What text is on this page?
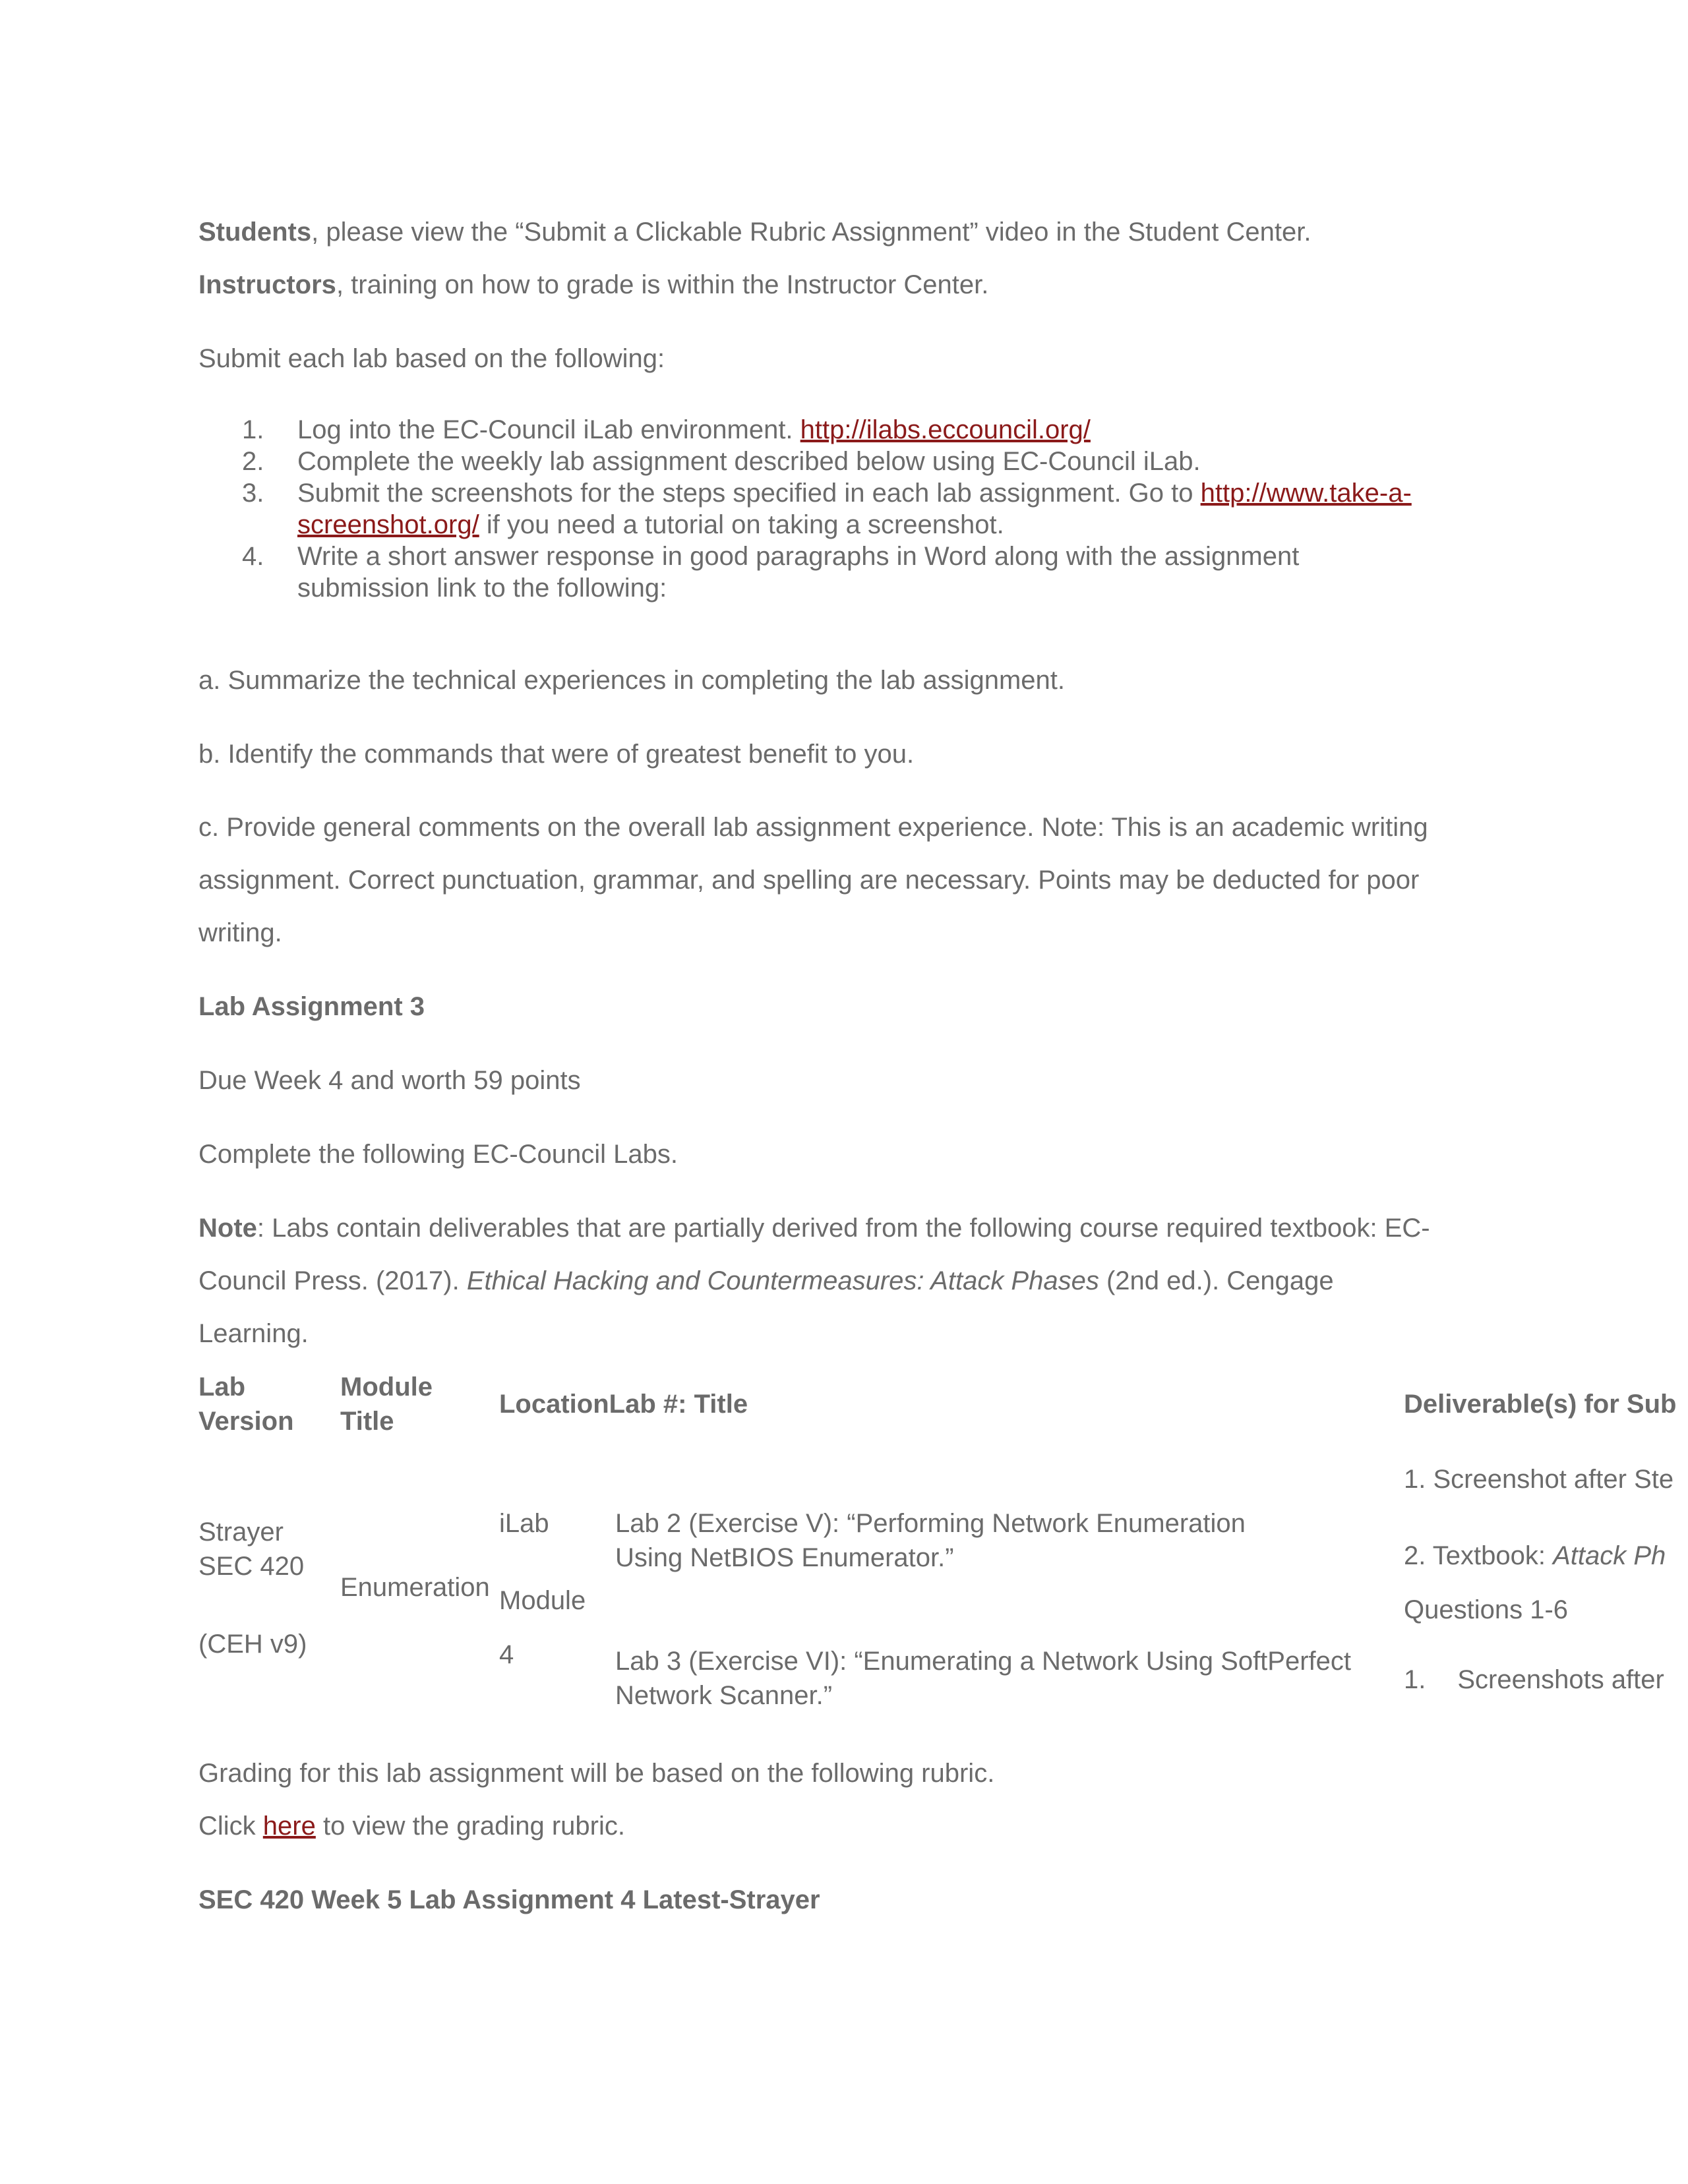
Students, please view the “Submit a Clickable Rubric Assignment” video in the Student Center.
Instructors, training on how to grade is within the Instructor Center.
Submit each lab based on the following:
1. Log into the EC-Council iLab environment. http://ilabs.eccouncil.org/
2. Complete the weekly lab assignment described below using EC-Council iLab.
3. Submit the screenshots for the steps specified in each lab assignment. Go to http://www.take-a-
screenshot.org/ if you need a tutorial on taking a screenshot.
4. Write a short answer response in good paragraphs in Word along with the assignment
submission link to the following:
a. Summarize the technical experiences in completing the lab assignment.
b. Identify the commands that were of greatest benefit to you.
c. Provide general comments on the overall lab assignment experience. Note: This is an academic writing
assignment. Correct punctuation, grammar, and spelling are necessary. Points may be deducted for poor
writing.
Lab Assignment 3
Due Week 4 and worth 59 points
Complete the following EC-Council Labs.
Note: Labs contain deliverables that are partially derived from the following course required textbook: EC-
Council Press. (2017). Ethical Hacking and Countermeasures: Attack Phases (2nd ed.). Cengage
Learning.
Lab
Version
Module
Title
LocationLab #: Title	Deliverable(s) for Sub
Strayer
SEC 420
(CEH v9)
Enumeration
iLab
Module
4
Lab 2 (Exercise V): “Performing Network Enumeration
Using NetBIOS Enumerator.”
Lab 3 (Exercise VI): “Enumerating a Network Using SoftPerfect
Network Scanner.”
1. Screenshot after Ste
2. Textbook: Attack Ph
Questions 1-6
1. Screenshots after
Grading for this lab assignment will be based on the following rubric.
Click here to view the grading rubric.
SEC 420 Week 5 Lab Assignment 4 Latest-Strayer
